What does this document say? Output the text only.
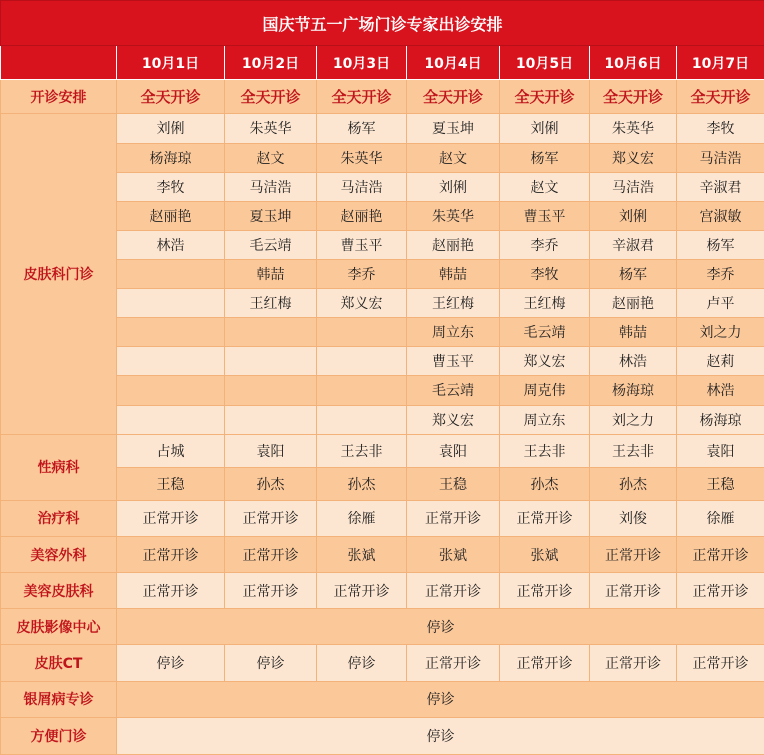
国庆节五一广场门诊专家出诊安排							
	10月1日	10月2日	10月3日	10月4日	10月5日	10月6日	10月7日
开诊安排	全天开诊	全天开诊	全天开诊	全天开诊	全天开诊	全天开诊	全天开诊
皮肤科门诊	刘俐	朱英华	杨军	夏玉坤	刘俐	朱英华	李牧
	杨海琼	赵文	朱英华	赵文	杨军	郑义宏	马洁浩
	李牧	马洁浩	马洁浩	刘俐	赵文	马洁浩	辛淑君
	赵丽艳	夏玉坤	赵丽艳	朱英华	曹玉平	刘俐	宫淑敏
	林浩	毛云靖	曹玉平	赵丽艳	李乔	辛淑君	杨军
		韩喆	李乔	韩喆	李牧	杨军	李乔
		王红梅	郑义宏	王红梅	王红梅	赵丽艳	卢平
				周立东	毛云靖	韩喆	刘之力
				曹玉平	郑义宏	林浩	赵莉
				毛云靖	周克伟	杨海琼	林浩
				郑义宏	周立东	刘之力	杨海琼
性病科	占城	袁阳	王去非	袁阳	王去非	王去非	袁阳
	王稳	孙杰	孙杰	王稳	孙杰	孙杰	王稳
治疗科	正常开诊	正常开诊	徐雁	正常开诊	正常开诊	刘俊	徐雁
美容外科	正常开诊	正常开诊	张斌	张斌	张斌	正常开诊	正常开诊
美容皮肤科	正常开诊	正常开诊	正常开诊	正常开诊	正常开诊	正常开诊	正常开诊
皮肤影像中心	停诊						
皮肤CT	停诊	停诊	停诊	正常开诊	正常开诊	正常开诊	正常开诊
银屑病专诊	停诊						
方便门诊	停诊						
